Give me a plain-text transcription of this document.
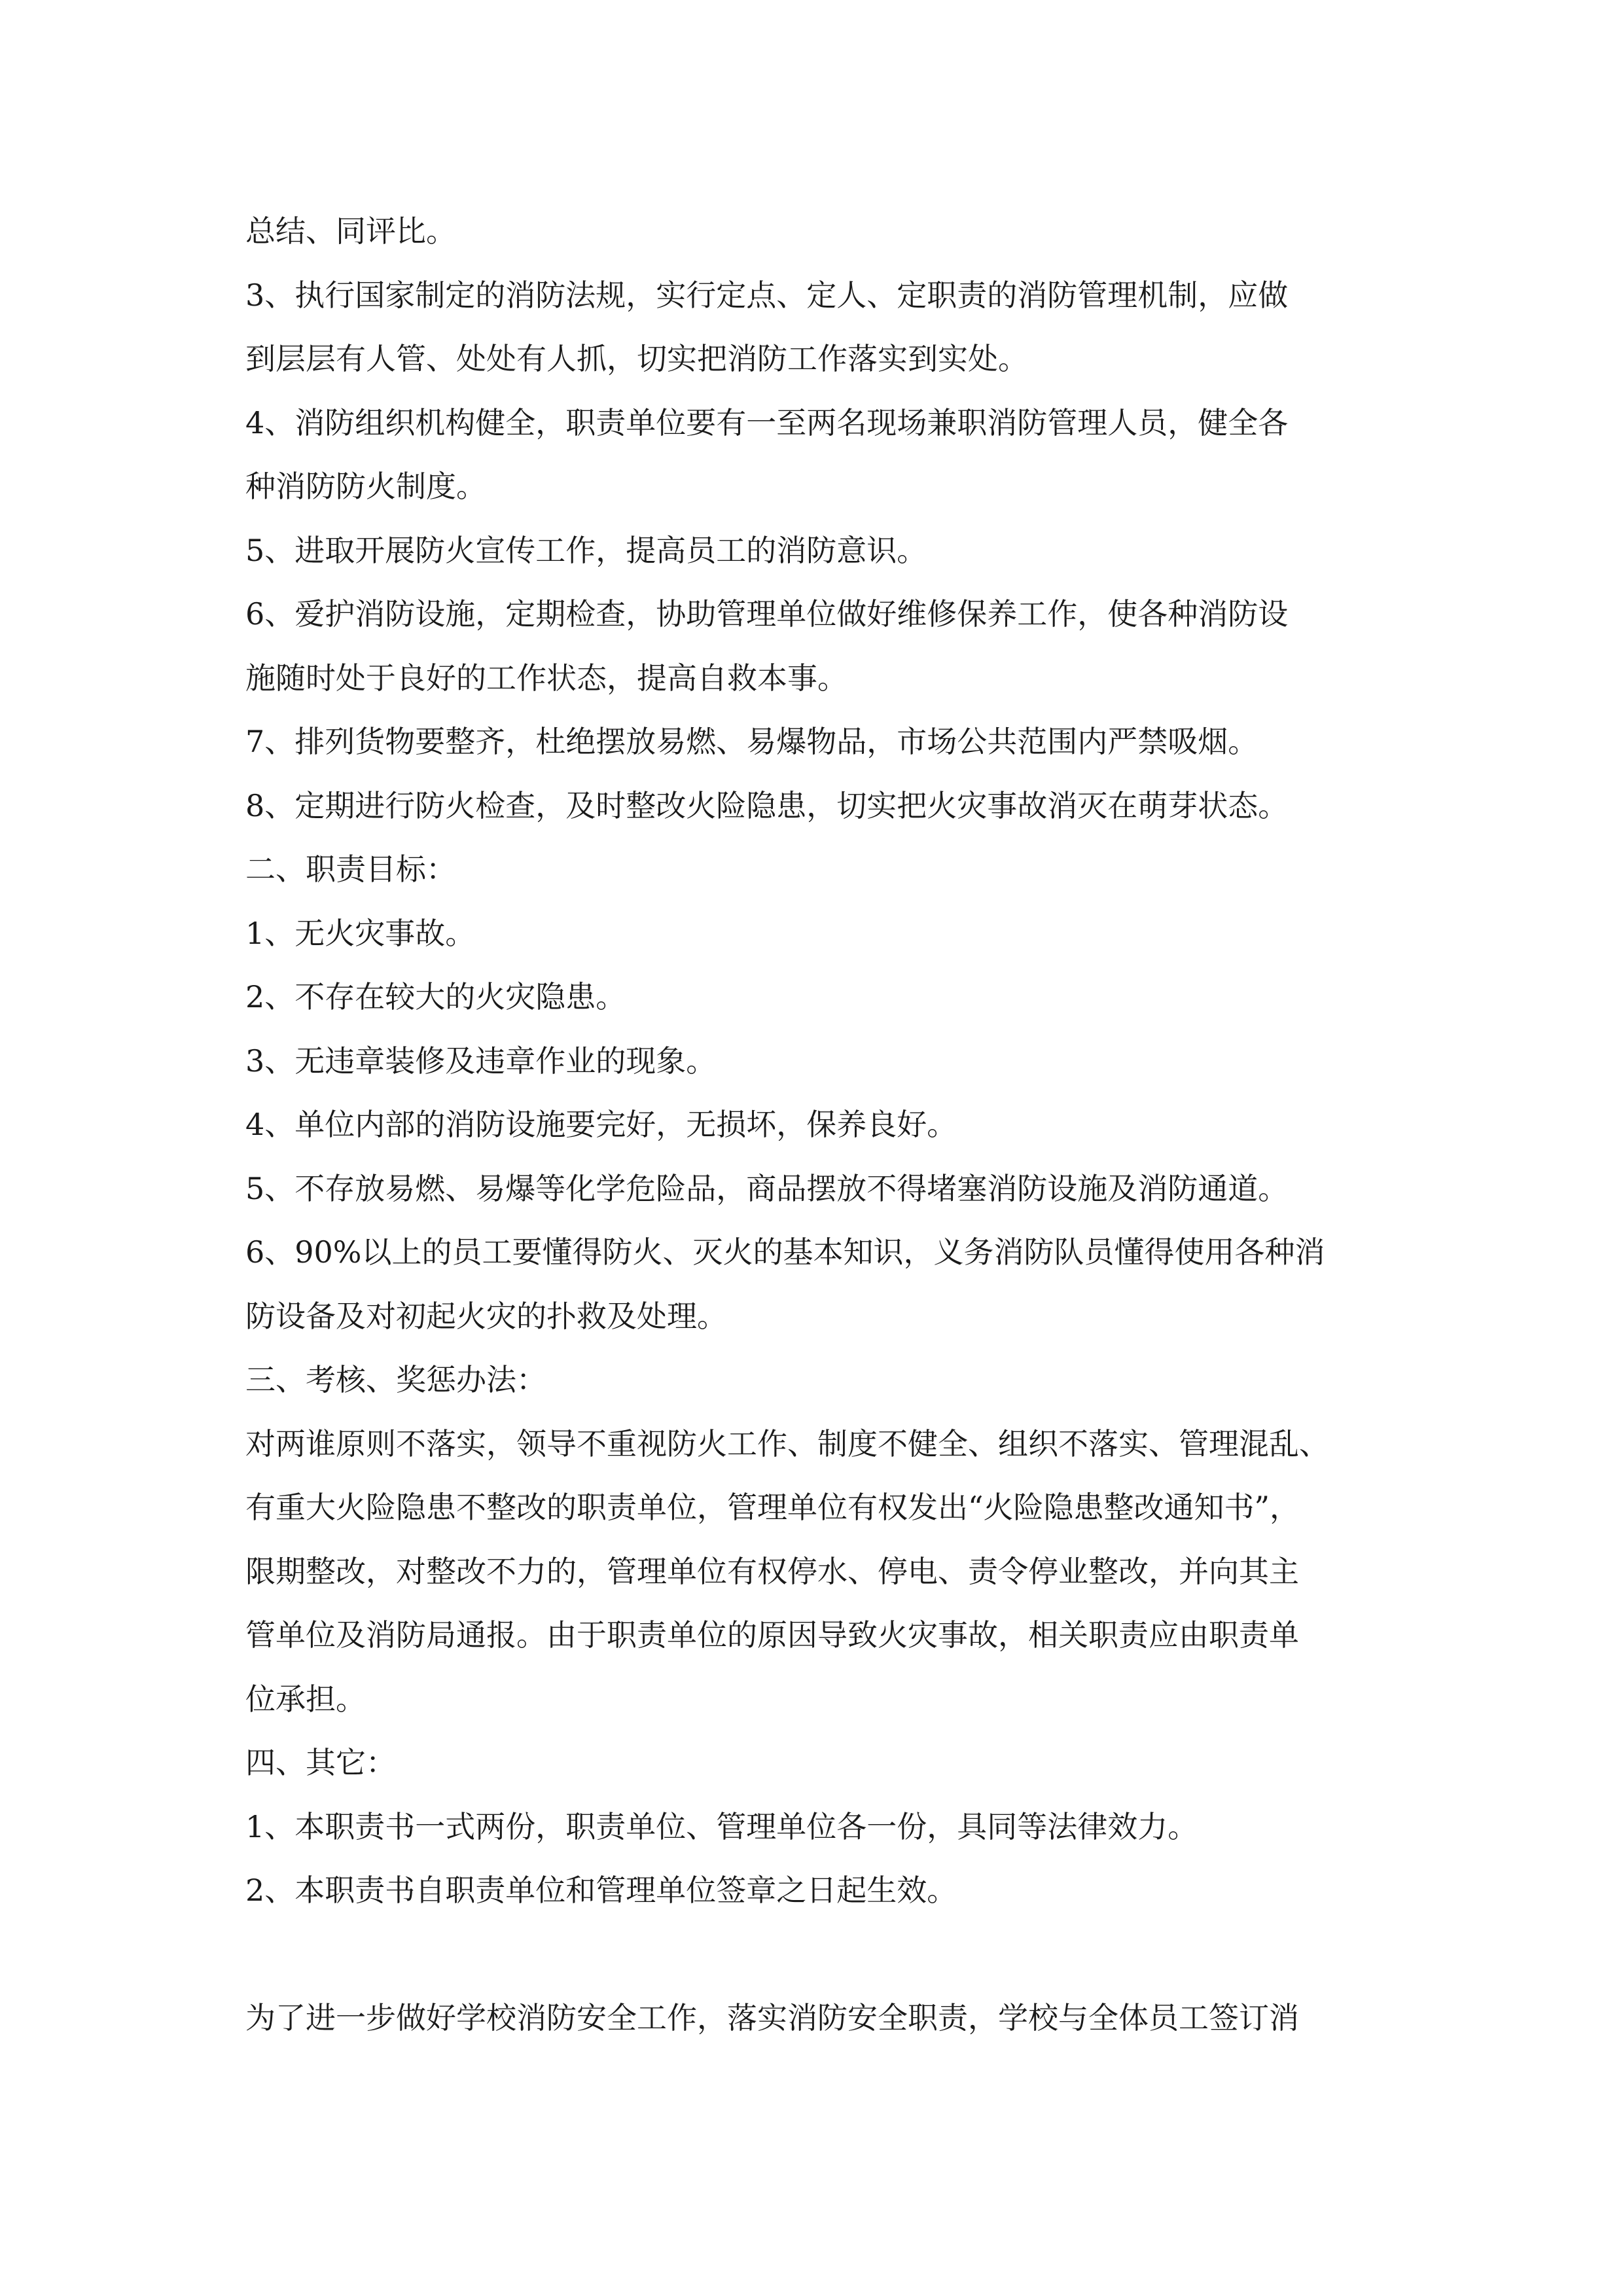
总结、同评比。
3、执行国家制定的消防法规，实行定点、定人、定职责的消防管理机制，应做
到层层有人管、处处有人抓，切实把消防工作落实到实处。
4、消防组织机构健全，职责单位要有一至两名现场兼职消防管理人员，健全各
种消防防火制度。
5、进取开展防火宣传工作，提高员工的消防意识。
6、爱护消防设施，定期检查，协助管理单位做好维修保养工作，使各种消防设
施随时处于良好的工作状态，提高自救本事。
7、排列货物要整齐，杜绝摆放易燃、易爆物品，市场公共范围内严禁吸烟。
8、定期进行防火检查，及时整改火险隐患，切实把火灾事故消灭在萌芽状态。
二、职责目标：
1、无火灾事故。
2、不存在较大的火灾隐患。
3、无违章装修及违章作业的现象。
4、单位内部的消防设施要完好，无损坏，保养良好。
5、不存放易燃、易爆等化学危险品，商品摆放不得堵塞消防设施及消防通道。
6、90%以上的员工要懂得防火、灭火的基本知识，义务消防队员懂得使用各种消
防设备及对初起火灾的扑救及处理。
三、考核、奖惩办法：
对两谁原则不落实，领导不重视防火工作、制度不健全、组织不落实、管理混乱、
有重大火险隐患不整改的职责单位，管理单位有权发出“火险隐患整改通知书”，
限期整改，对整改不力的，管理单位有权停水、停电、责令停业整改，并向其主
管单位及消防局通报。由于职责单位的原因导致火灾事故，相关职责应由职责单
位承担。
四、其它：
1、本职责书一式两份，职责单位、管理单位各一份，具同等法律效力。
2、本职责书自职责单位和管理单位签章之日起生效。
为了进一步做好学校消防安全工作，落实消防安全职责，学校与全体员工签订消
